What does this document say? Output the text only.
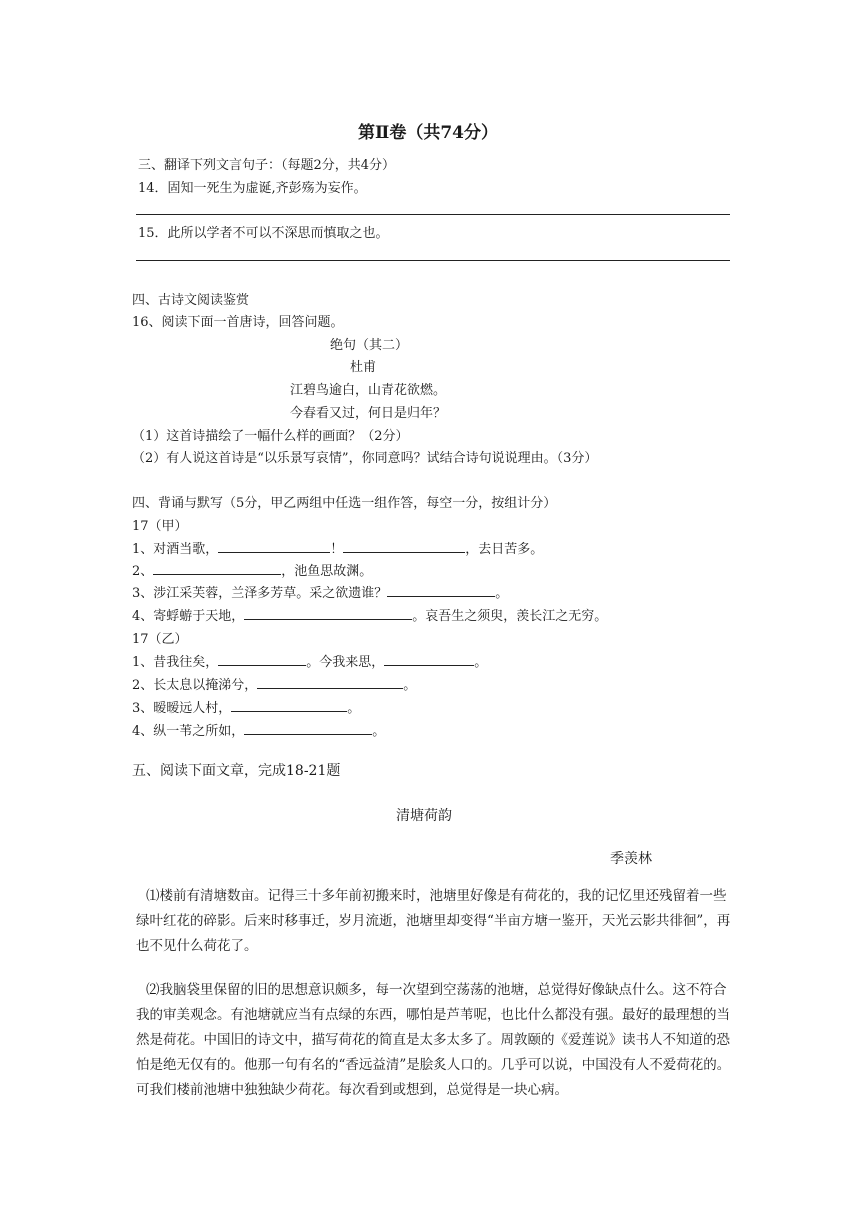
第Ⅱ卷（共74分）
三、翻译下列文言句子：（每题2分，共4分）
14．固知一死生为虚诞,齐彭殇为妄作。
15．此所以学者不可以不深思而慎取之也。
四、古诗文阅读鉴赏
16、阅读下面一首唐诗，回答问题。
绝句（其二）
杜甫
江碧鸟逾白，山青花欲燃。
今春看又过，何日是归年？
（1）这首诗描绘了一幅什么样的画面？（2分）
（2）有人说这首诗是“以乐景写哀情”，你同意吗？试结合诗句说说理由。（3分）
四、背诵与默写（5分，甲乙两组中任选一组作答，每空一分，按组计分）
17（甲）
1、对酒当歌，	！	，去日苦多。
2、	，池鱼思故渊。
3、涉江采芙蓉，兰泽多芳草。采之欲遗谁？	。
4、寄蜉蝣于天地，	。哀吾生之须臾，羡长江之无穷。
17（乙）
1、昔我往矣，	。今我来思，	。
2、长太息以掩涕兮，	。
3、暧暧远人村，	。
4、纵一苇之所如，	。
五、阅读下面文章，完成18-21题
清塘荷韵
季羡林
⑴楼前有清塘数亩。记得三十多年前初搬来时，池塘里好像是有荷花的，我的记忆里还残留着一些绿叶红花的碎影。后来时移事迁，岁月流逝，池塘里却变得“半亩方塘一鉴开，天光云影共徘徊”，再也不见什么荷花了。
⑵我脑袋里保留的旧的思想意识颇多，每一次望到空荡荡的池塘，总觉得好像缺点什么。这不符合我的审美观念。有池塘就应当有点绿的东西，哪怕是芦苇呢，也比什么都没有强。最好的最理想的当然是荷花。中国旧的诗文中，描写荷花的简直是太多太多了。周敦颐的《爱莲说》读书人不知道的恐怕是绝无仅有的。他那一句有名的“香远益清”是脍炙人口的。几乎可以说，中国没有人不爱荷花的。可我们楼前池塘中独独缺少荷花。每次看到或想到，总觉得是一块心病。
